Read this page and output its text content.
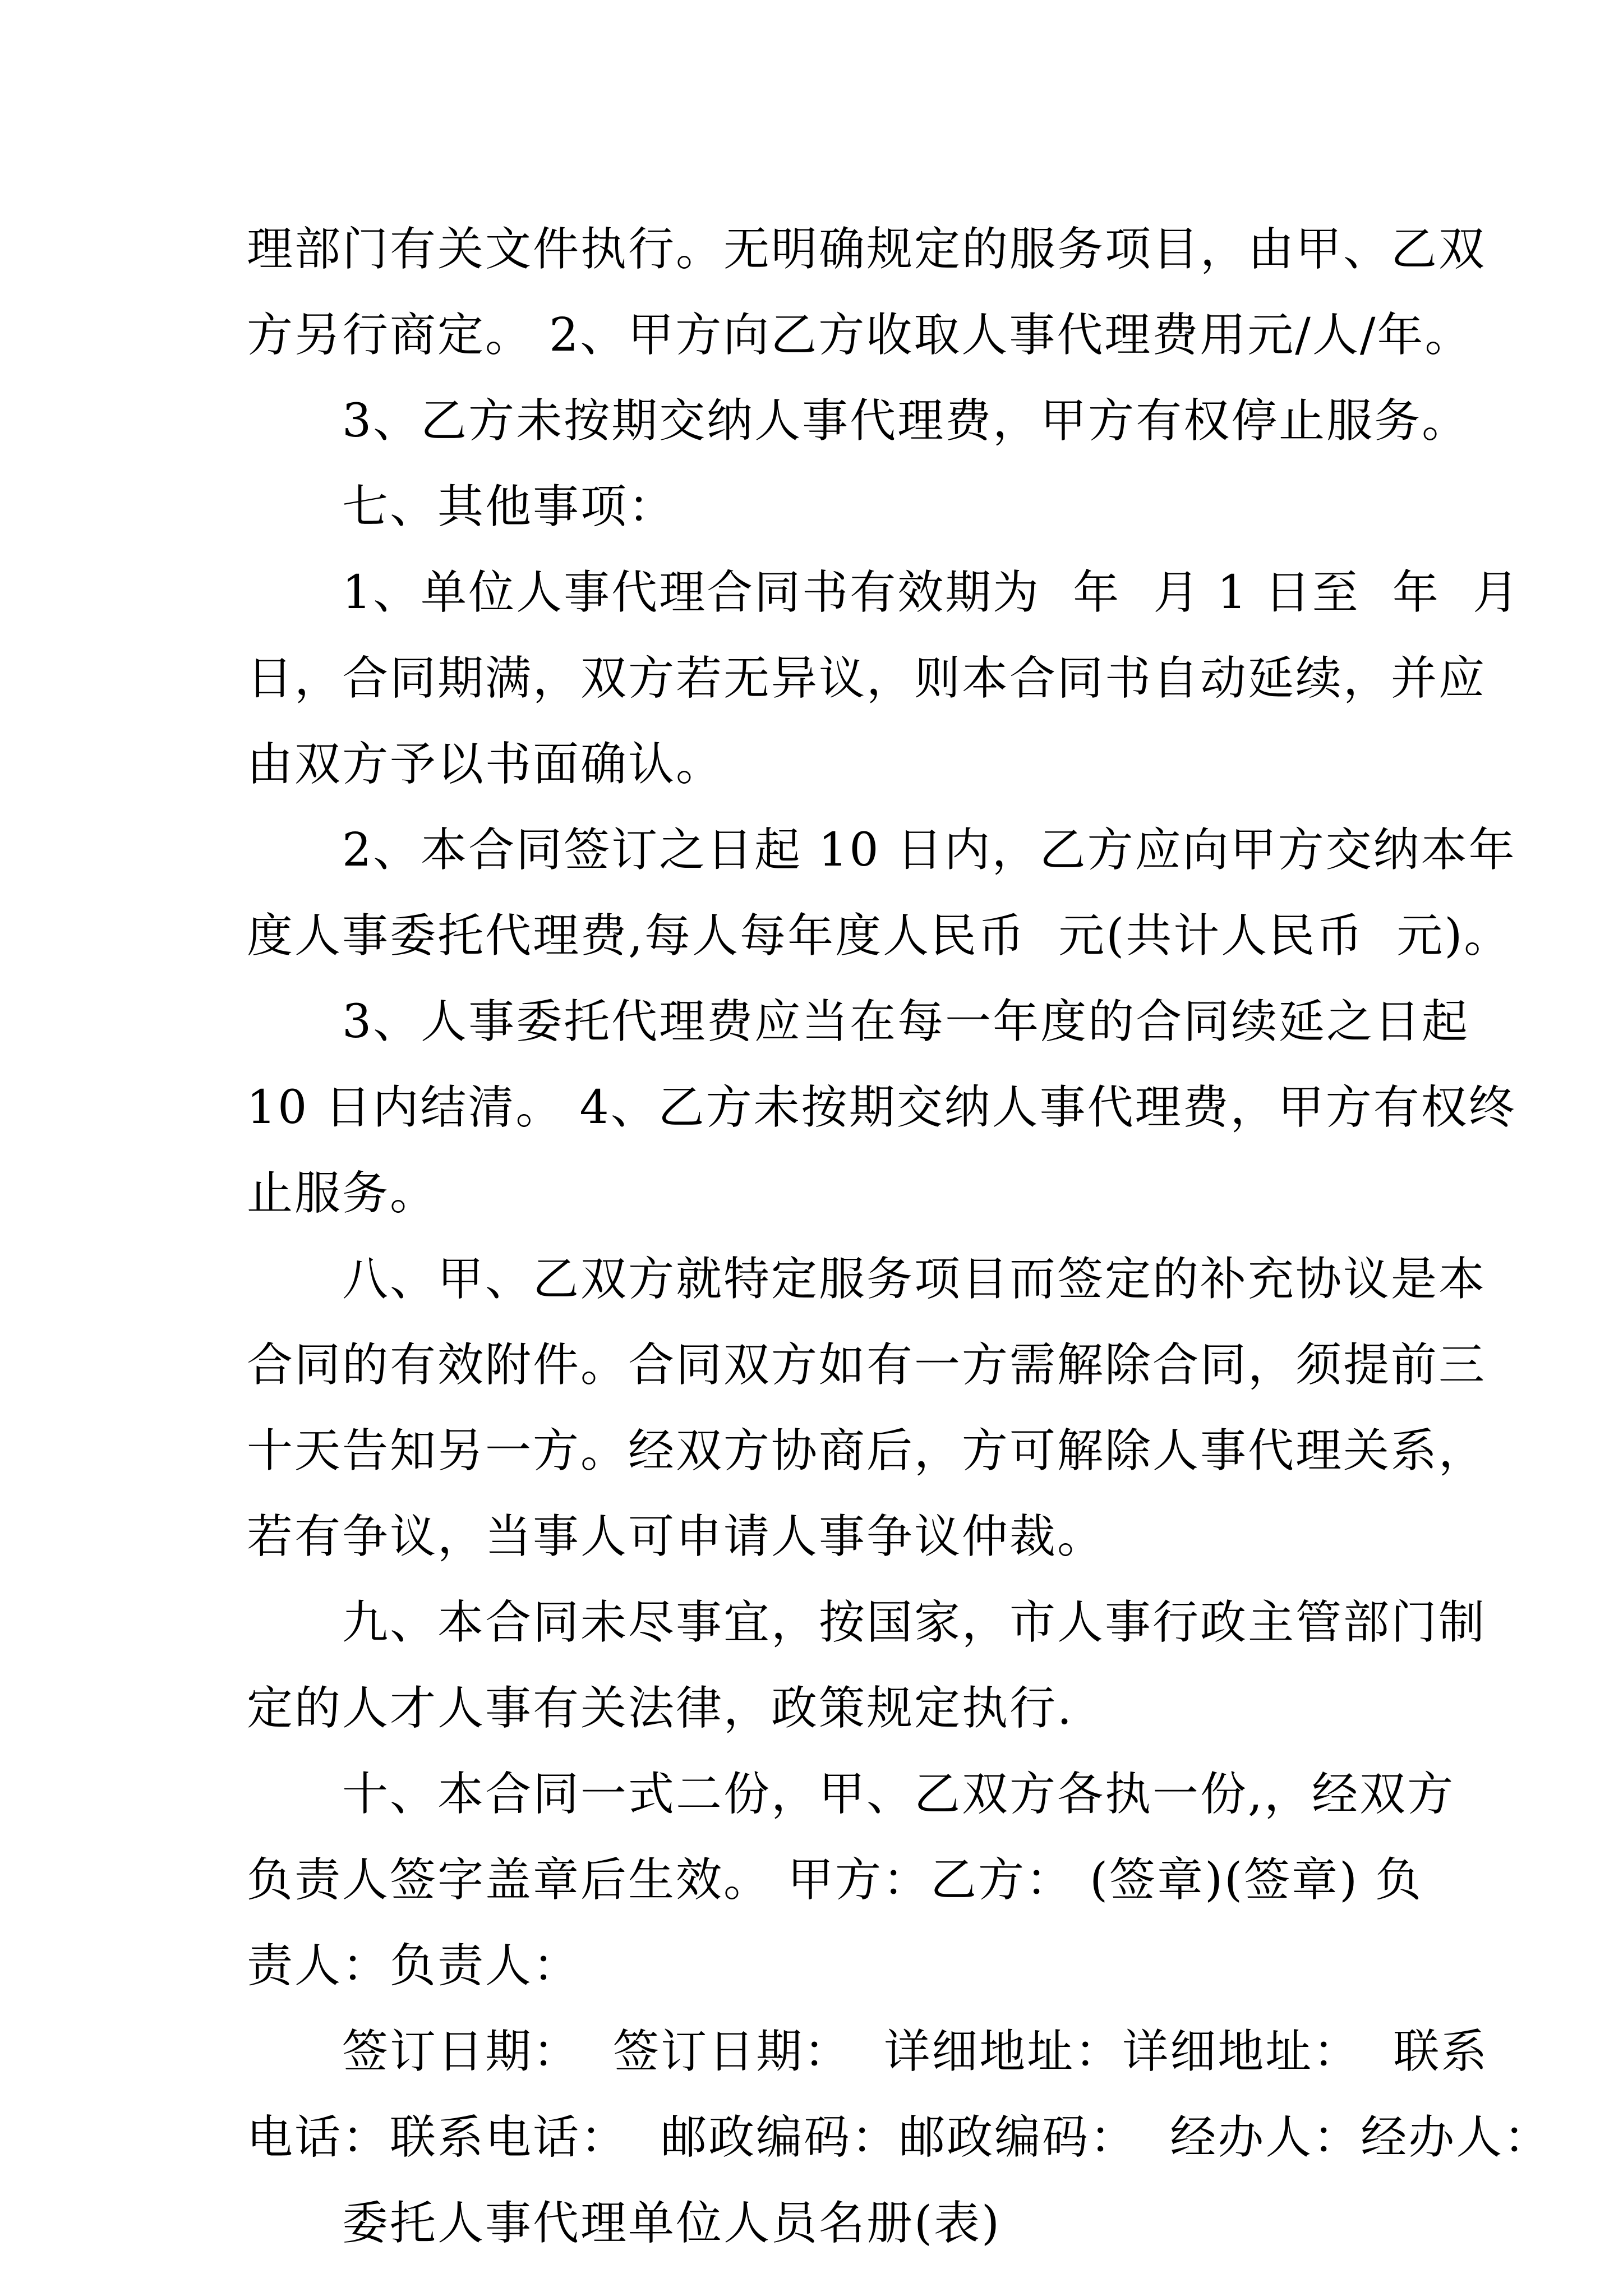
理部门有关文件执行。无明确规定的服务项目，由甲、乙双
方另行商定。 2、甲方向乙方收取人事代理费用元/人/年。
　　3、乙方未按期交纳人事代理费，甲方有权停止服务。
　　七、其他事项：
　　1、单位人事代理合同书有效期为  年  月 1 日至  年  月
日，合同期满，双方若无异议，则本合同书自动延续，并应
由双方予以书面确认。
　　2、本合同签订之日起 10 日内，乙方应向甲方交纳本年
度人事委托代理费,每人每年度人民币  元(共计人民币  元)。
　　3、人事委托代理费应当在每一年度的合同续延之日起
10 日内结清。 4、乙方未按期交纳人事代理费，甲方有权终
止服务。
　　八、甲、乙双方就特定服务项目而签定的补充协议是本
合同的有效附件。合同双方如有一方需解除合同，须提前三
十天告知另一方。经双方协商后，方可解除人事代理关系，
若有争议，当事人可申请人事争议仲裁。
　　九、本合同未尽事宜，按国家，市人事行政主管部门制
定的人才人事有关法律，政策规定执行.
　　十、本合同一式二份，甲、乙双方各执一份,，经双方
负责人签字盖章后生效。 甲方：乙方： (签章)(签章) 负
责人：负责人：
　　签订日期：  签订日期：  详细地址：详细地址：  联系
电话：联系电话：  邮政编码：邮政编码：  经办人：经办人：
　　委托人事代理单位人员名册(表)
